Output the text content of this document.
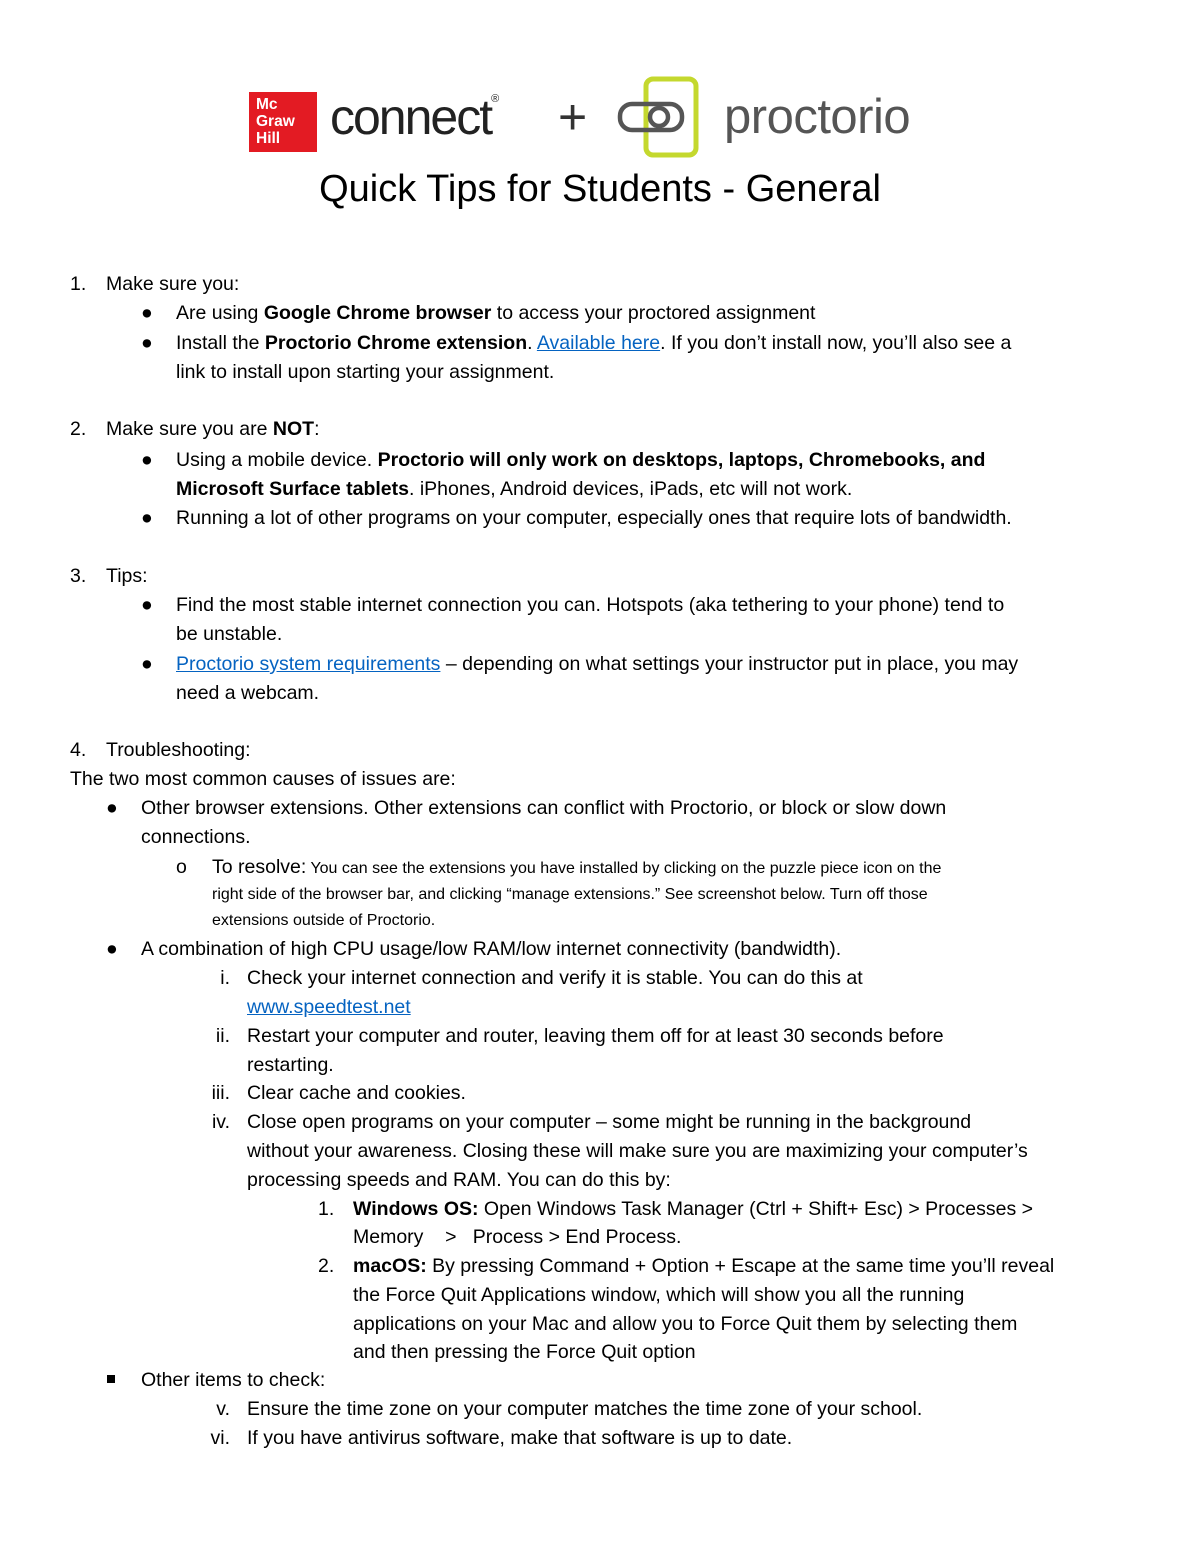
Mc
Graw
Hill connect® +	proctorio
Quick Tips for Students - General
1. Make sure you:
● Are using Google Chrome browser to access your proctored assignment
● Install the Proctorio Chrome extension. Available here. If you don’t install now, you’ll also see a
link to install upon starting your assignment.
2. Make sure you are NOT:
● Using a mobile device. Proctorio will only work on desktops, laptops, Chromebooks, and
Microsoft Surface tablets. iPhones, Android devices, iPads, etc will not work.
● Running a lot of other programs on your computer, especially ones that require lots of bandwidth.
3. Tips:
● Find the most stable internet connection you can. Hotspots (aka tethering to your phone) tend to
be unstable.
● Proctorio system requirements – depending on what settings your instructor put in place, you may
need a webcam.
4. Troubleshooting:
The two most common causes of issues are:
● Other browser extensions. Other extensions can conflict with Proctorio, or block or slow down
connections.
o To resolve: You can see the extensions you have installed by clicking on the puzzle piece icon on the
right side of the browser bar, and clicking “manage extensions.” See screenshot below. Turn off those
extensions outside of Proctorio.
● A combination of high CPU usage/low RAM/low internet connectivity (bandwidth).
i. Check your internet connection and verify it is stable. You can do this at
www.speedtest.net
ii. Restart your computer and router, leaving them off for at least 30 seconds before
restarting.
iii. Clear cache and cookies.
iv. Close open programs on your computer – some might be running in the background
without your awareness. Closing these will make sure you are maximizing your computer’s
processing speeds and RAM. You can do this by:
1. Windows OS: Open Windows Task Manager (Ctrl + Shift+ Esc) > Processes >
Memory    >   Process > End Process.
2. macOS: By pressing Command + Option + Escape at the same time you’ll reveal
the Force Quit Applications window, which will show you all the running
applications on your Mac and allow you to Force Quit them by selecting them
and then pressing the Force Quit option
Other items to check:
v. Ensure the time zone on your computer matches the time zone of your school.
vi. If you have antivirus software, make that software is up to date.
